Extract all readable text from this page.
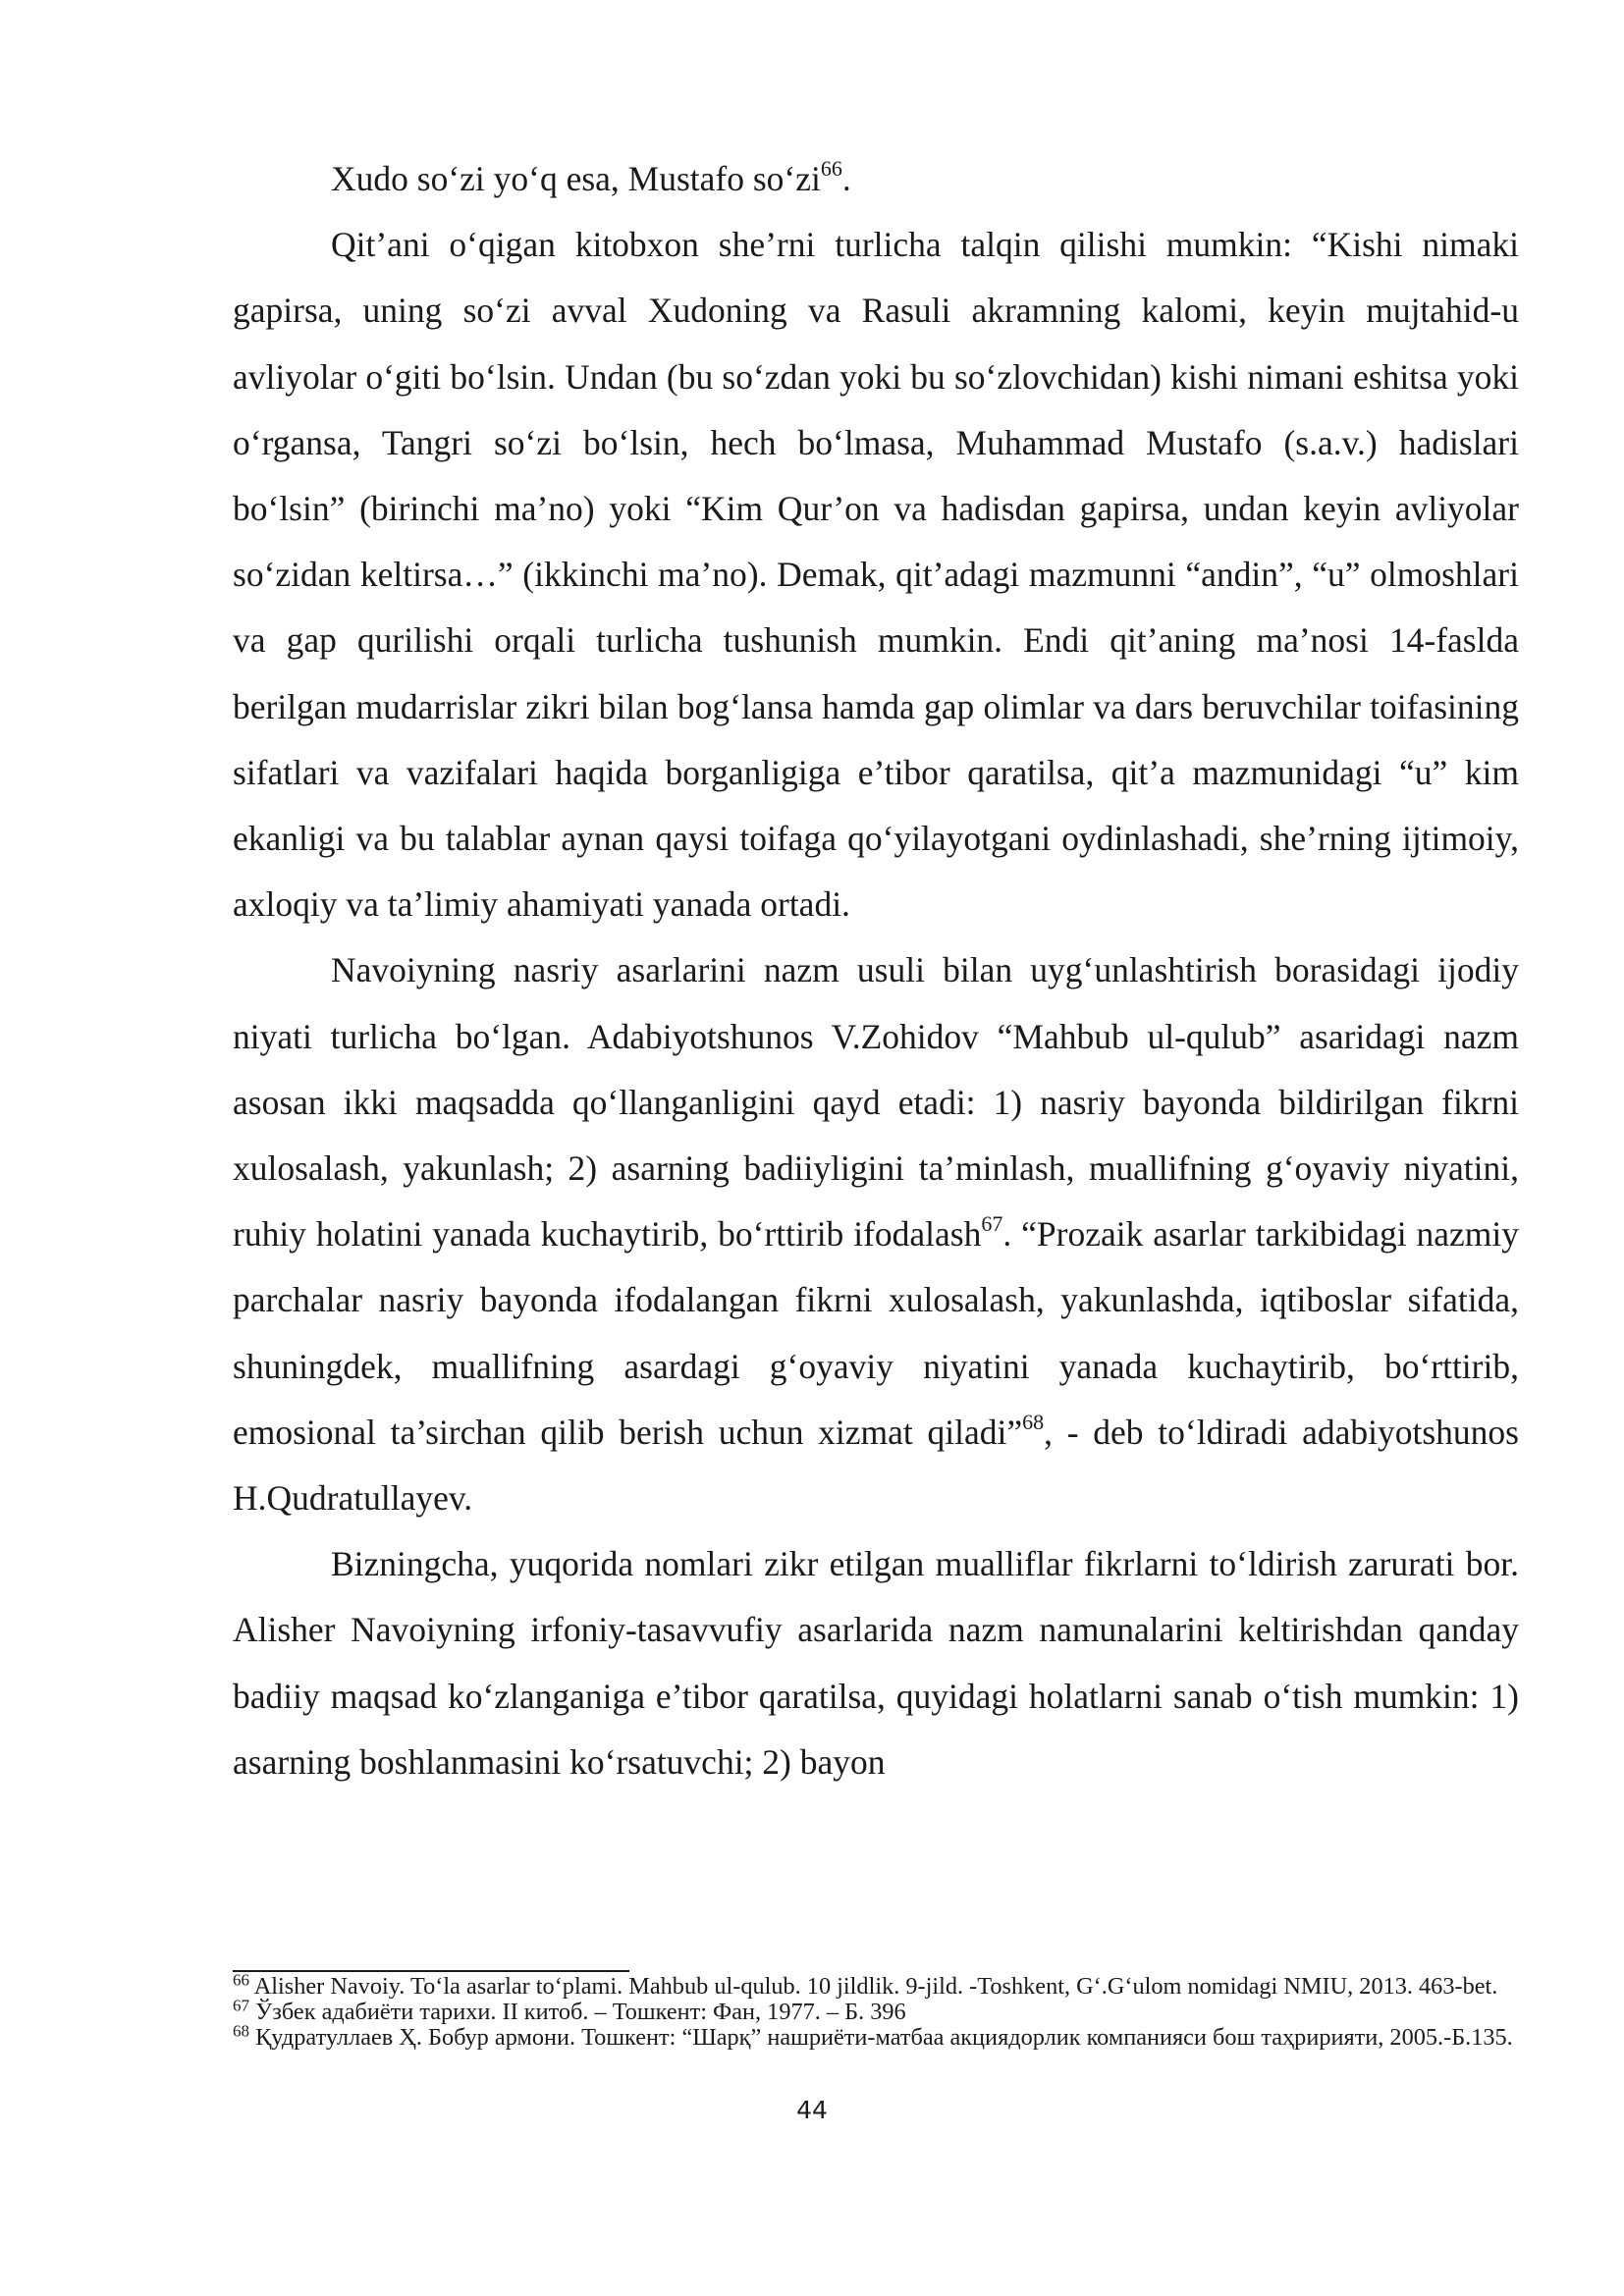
Xudo so‘zi yo‘q esa, Mustafo $so‘zi^{66}$.

Qit’ani o‘qigan kitobxon she’rni turlicha talqin qilishi mumkin: “Kishi nimaki gapirsa, uning so‘zi avval Xudoning va Rasuli akramning kalomi, keyin mujtahid-u avliyolar o‘giti bo‘lsin. Undan (bu so‘zdan yoki bu so‘zlovchidan) kishi nimani eshitsa yoki o‘rgansa, Tangri so‘zi bo‘lsin, hech bo‘lmasa, Muhammad Mustafo (s.a.v.) hadislari bo‘lsin” (birinchi ma’no) yoki “Kim Qur’on va hadisdan gapirsa, undan keyin avliyolar so‘zidan keltirsa…” (ikkinchi ma’no). Demak, qit’adagi mazmunni “andin”, “u” olmoshlari va gap qurilishi orqali turlicha tushunish mumkin. Endi qit’aning ma’nosi 14-faslda berilgan mudarrislar zikri bilan bog‘lansa hamda gap olimlar va dars beruvchilar toifasining sifatlari va vazifalari haqida borganligiga e’tibor qaratilsa, qit’a mazmunidagi “u” kim ekanligi va bu talablar aynan qaysi toifaga qo‘yilayotgani oydinlashadi, she’rning ijtimoiy, axloqiy va ta’limiy ahamiyati yanada ortadi.

Navoiyning nasriy asarlarini nazm usuli bilan uyg‘unlashtirish borasidagi ijodiy niyati turlicha bo‘lgan. Adabiyotshunos V.Zohidov “Mahbub ul-qulub” asaridagi nazm asosan ikki maqsadda qo‘llanganligini qayd etadi: 1) nasriy bayonda bildirilgan fikrni xulosalash, yakunlash; 2) asarning badiiyligini ta’minlash, muallifning g‘oyaviy niyatini, ruhiy holatini yanada kuchaytirib, bo‘rttirib ifodalash$^{67}$. “Prozaik asarlar tarkibidagi nazmiy parchalar nasriy bayonda ifodalangan fikrni xulosalash, yakunlashda, iqtiboslar sifatida, shuningdek, muallifning asardagi g‘oyaviy niyatini yanada kuchaytirib, bo‘rttirib, emosional ta’sirchan qilib berish uchun xizmat qiladi”$^{68}$, - deb to‘ldiradi adabiyotshunos H.Qudratullayev.

Bizningcha, yuqorida nomlari zikr etilgan mualliflar fikrlarni to‘ldirish zarurati bor. Alisher Navoiyning irfoniy-tasavvufiy asarlarida nazm namunalarini keltirishdan qanday badiiy maqsad ko‘zlanganiga e’tibor qaratilsa, quyidagi holatlarni sanab o‘tish mumkin: 1) asarning boshlanmasini ko‘rsatuvchi; 2) bayon

$^{66}$ Alisher Navoiy. To‘la asarlar to‘plami. Mahbub ul-qulub. 10 jildlik. 9-jild. -Toshkent, G‘.G‘ulom nomidagi NMIU, 2013. 463-bet.

$^{67}$ Ўзбек адабиёти тарихи. II китоб. – Тошкент: Фан, 1977. – Б. 396

$^{68}$ Қудратуллаев Ҳ. Бобур армони. Тошкент: “Шарқ” нашриёти-матбаа акциядорлик компанияси бош таҳририяти, 2005.-Б.135.

44
